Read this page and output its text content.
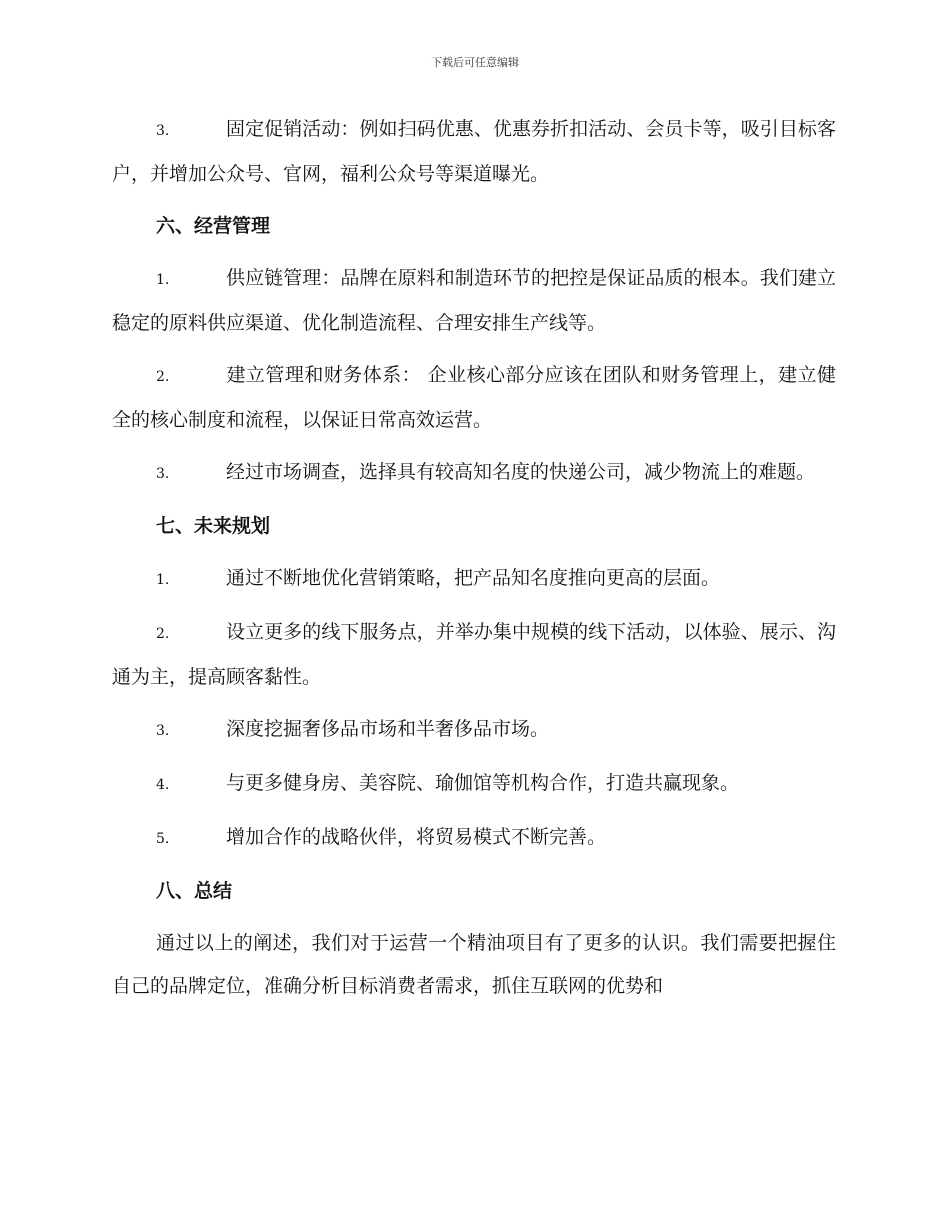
下载后可任意编辑

3.	固定促销活动：例如扫码优惠、优惠券折扣活动、会员卡等，吸引目标客户，并增加公众号、官网，福利公众号等渠道曝光。

六、经营管理

1.	供应链管理：品牌在原料和制造环节的把控是保证品质的根本。我们建立稳定的原料供应渠道、优化制造流程、合理安排生产线等。

2.	建立管理和财务体系： 企业核心部分应该在团队和财务管理上，建立健全的核心制度和流程，以保证日常高效运营。

3.	经过市场调查，选择具有较高知名度的快递公司，减少物流上的难题。

七、未来规划

1.	通过不断地优化营销策略，把产品知名度推向更高的层面。

2.	设立更多的线下服务点，并举办集中规模的线下活动，以体验、展示、沟通为主，提高顾客黏性。

3.	深度挖掘奢侈品市场和半奢侈品市场。

4.	与更多健身房、美容院、瑜伽馆等机构合作，打造共赢现象。

5.	增加合作的战略伙伴，将贸易模式不断完善。

八、总结

通过以上的阐述，我们对于运营一个精油项目有了更多的认识。我们需要把握住自己的品牌定位，准确分析目标消费者需求，抓住互联网的优势和
